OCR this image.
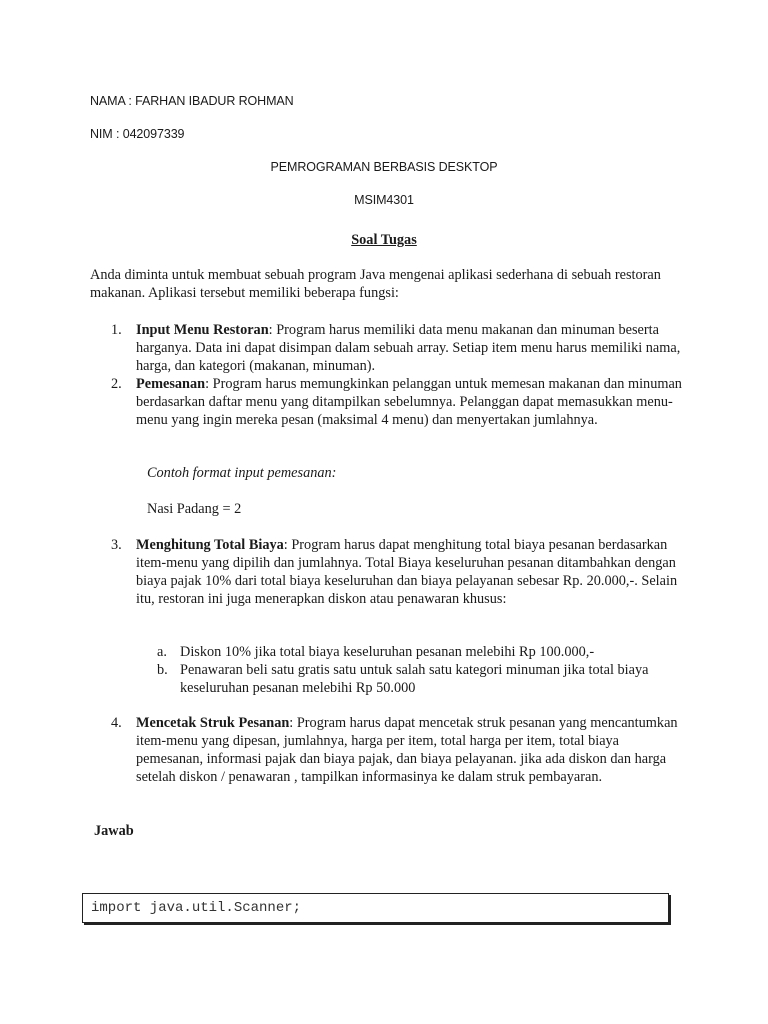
NAMA : FARHAN IBADUR ROHMAN
NIM : 042097339
PEMROGRAMAN BERBASIS DESKTOP
MSIM4301
Soal Tugas
Anda diminta untuk membuat sebuah program Java mengenai aplikasi sederhana di sebuah restoran makanan. Aplikasi tersebut memiliki beberapa fungsi:
1. Input Menu Restoran: Program harus memiliki data menu makanan dan minuman beserta harganya. Data ini dapat disimpan dalam sebuah array. Setiap item menu harus memiliki nama, harga, dan kategori (makanan, minuman).
2. Pemesanan: Program harus memungkinkan pelanggan untuk memesan makanan dan minuman berdasarkan daftar menu yang ditampilkan sebelumnya. Pelanggan dapat memasukkan menu-menu yang ingin mereka pesan (maksimal 4 menu) dan menyertakan jumlahnya.
Contoh format input pemesanan:
Nasi Padang = 2
3. Menghitung Total Biaya: Program harus dapat menghitung total biaya pesanan berdasarkan item-menu yang dipilih dan jumlahnya. Total Biaya keseluruhan pesanan ditambahkan dengan biaya pajak 10% dari total biaya keseluruhan dan biaya pelayanan sebesar Rp. 20.000,-. Selain itu, restoran ini juga menerapkan diskon atau penawaran khusus:
a. Diskon 10% jika total biaya keseluruhan pesanan melebihi Rp 100.000,-
b. Penawaran beli satu gratis satu untuk salah satu kategori minuman jika total biaya keseluruhan pesanan melebihi Rp 50.000
4. Mencetak Struk Pesanan: Program harus dapat mencetak struk pesanan yang mencantumkan item-menu yang dipesan, jumlahnya, harga per item, total harga per item, total biaya pemesanan, informasi pajak dan biaya pajak, dan biaya pelayanan. jika ada diskon dan harga setelah diskon / penawaran , tampilkan informasinya ke dalam struk pembayaran.
Jawab
import java.util.Scanner;
